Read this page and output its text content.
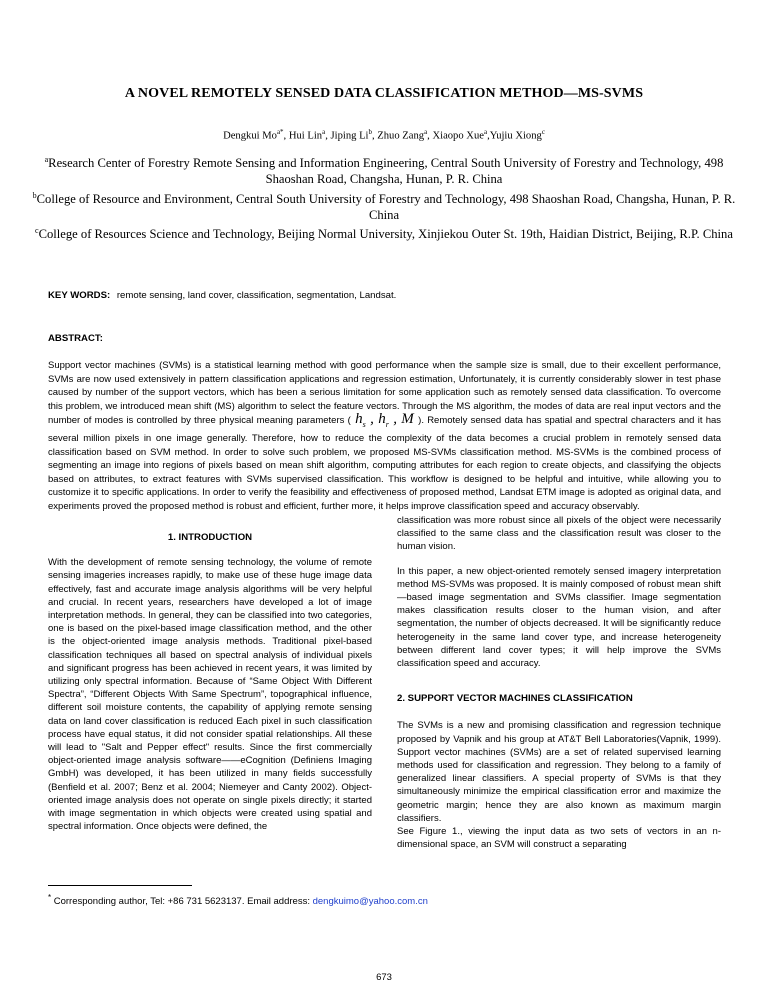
A NOVEL REMOTELY SENSED DATA CLASSIFICATION METHOD—MS-SVMS
Dengkui $Mo^{a*}$, Hui Lin$^a$, Jiping Li$^b$, Zhuo Zang$^a$, Xiaopo Xue$^a$,Yujiu Xiong$^c$
$^a$Research Center of Forestry Remote Sensing and Information Engineering, Central South University of Forestry and Technology, 498 Shaoshan Road, Changsha, Hunan, P. R. China
$^b$College of Resource and Environment, Central South University of Forestry and Technology, 498 Shaoshan Road, Changsha, Hunan, P. R. China
$^c$College of Resources Science and Technology, Beijing Normal University, Xinjiekou Outer St. 19th, Haidian District, Beijing, R.P. China
KEY WORDS: remote sensing, land cover, classification, segmentation, Landsat.
ABSTRACT:
Support vector machines (SVMs) is a statistical learning method with good performance when the sample size is small, due to their excellent performance, SVMs are now used extensively in pattern classification applications and regression estimation, Unfortunately, it is currently considerably slower in test phase caused by number of the support vectors, which has been a serious limitation for some application such as remotely sensed data classification. To overcome this problem, we introduced mean shift (MS) algorithm to select the feature vectors. Through the MS algorithm, the modes of data are real input vectors and the number of modes is controlled by three physical meaning parameters ( $h_s$ , $h_r$ , M ). Remotely sensed data has spatial and spectral characters and it has several million pixels in one image generally. Therefore, how to reduce the complexity of the data becomes a crucial problem in remotely sensed data classification based on SVM method. In order to solve such problem, we proposed MS-SVMs classification method. MS-SVMs is the combined process of segmenting an image into regions of pixels based on mean shift algorithm, computing attributes for each region to create objects, and classifying the objects based on attributes, to extract features with SVMs supervised classification. This workflow is designed to be helpful and intuitive, while allowing you to customize it to specific applications. In order to verify the feasibility and effectiveness of proposed method, Landsat ETM image is adopted as original data, and experiments proved the proposed method is robust and efficient, further more, it helps improve classification speed and accuracy observably.
1. INTRODUCTION

With the development of remote sensing technology, the volume of remote sensing imageries increases rapidly, to make use of these huge image data effectively, fast and accurate image analysis algorithms will be very helpful and crucial. In recent years, researchers have developed a lot of image interpretation methods. In general, they can be classified into two categories, one is based on the pixel-based image classification method, and the other is the object-oriented image analysis methods. Traditional pixel-based classification techniques all based on spectral analysis of individual pixels and significant progress has been achieved in recent years, it was limited by utilizing only spectral information. Because of “Same Object With Different Spectra”, “Different Objects With Same Spectrum”, topographical influence, different soil moisture contents, the capability of applying remote sensing data on land cover classification is reduced Each pixel in such classification process have equal status, it did not consider spatial relationships. All these will lead to "Salt and Pepper effect" results. Since the first commercially object-oriented image analysis software——eCognition (Definiens Imaging GmbH) was developed, it has been utilized in many fields successfully (Benfield et al. 2007; Benz et al. 2004; Niemeyer and Canty 2002). Object-oriented image analysis does not operate on single pixels directly; it started with image segmentation in which objects were created using spatial and spectral information. Once objects were defined, the

classification was more robust since all pixels of the object were necessarily classified to the same class and the classification result was closer to the human vision.

In this paper, a new object-oriented remotely sensed imagery interpretation method MS-SVMs was proposed. It is mainly composed of robust mean shift—based image segmentation and SVMs classifier. Image segmentation makes classification results closer to the human vision, and after segmentation, the number of objects decreased. It will be significantly reduce heterogeneity in the same land cover type, and increase heterogeneity between different land cover types; it will help improve the SVMs classification speed and accuracy.

2. SUPPORT VECTOR MACHINES CLASSIFICATION

The SVMs is a new and promising classification and regression technique proposed by Vapnik and his group at AT&T Bell Laboratories(Vapnik, 1999). Support vector machines (SVMs) are a set of related supervised learning methods used for classification and regression. They belong to a family of generalized linear classifiers. A special property of SVMs is that they simultaneously minimize the empirical classification error and maximize the geometric margin; hence they are also known as maximum margin classifiers.

See Figure 1., viewing the input data as two sets of vectors in an n-dimensional space, an SVM will construct a separating

* Corresponding author, Tel: +86 731 5623137. Email address: dengkuimo@yahoo.com.cn
673
